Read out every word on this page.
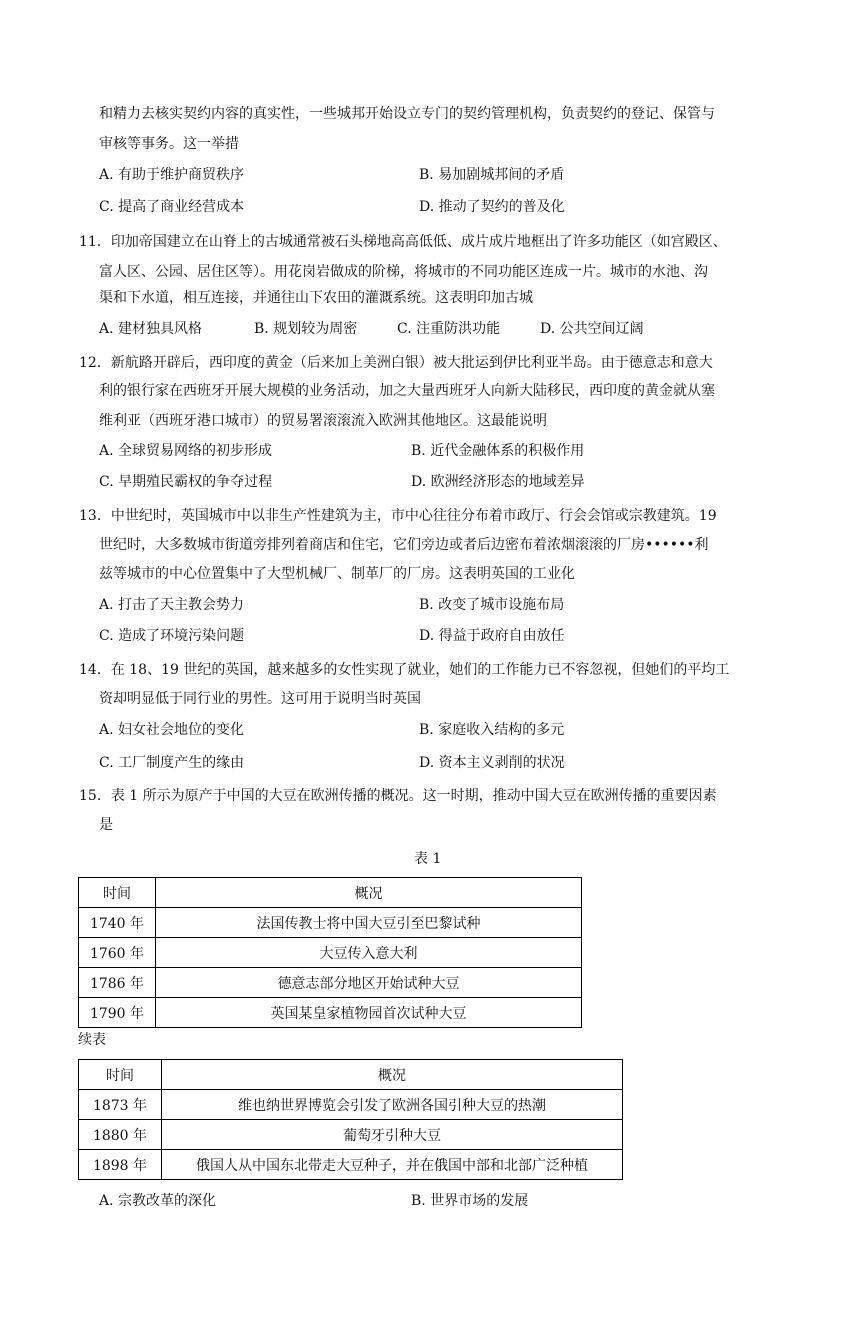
和精力去核实契约内容的真实性，一些城邦开始设立专门的契约管理机构，负责契约的登记、保管与
审核等事务。这一举措
A. 有助于维护商贸秩序	B. 易加剧城邦间的矛盾
C. 提高了商业经营成本	D. 推动了契约的普及化
11．印加帝国建立在山脊上的古城通常被石头梯地高高低低、成片成片地框出了许多功能区（如宫殿区、
富人区、公园、居住区等）。用花岗岩做成的阶梯，将城市的不同功能区连成一片。城市的水池、沟
渠和下水道，相互连接，并通往山下农田的灌溉系统。这表明印加古城
A. 建材独具风格	B. 规划较为周密	C. 注重防洪功能	D. 公共空间辽阔
12．新航路开辟后，西印度的黄金（后来加上美洲白银）被大批运到伊比利亚半岛。由于德意志和意大
利的银行家在西班牙开展大规模的业务活动，加之大量西班牙人向新大陆移民，西印度的黄金就从塞
维利亚（西班牙港口城市）的贸易署滚滚流入欧洲其他地区。这最能说明
A. 全球贸易网络的初步形成	B. 近代金融体系的积极作用
C. 早期殖民霸权的争夺过程	D. 欧洲经济形态的地域差异
13．中世纪时，英国城市中以非生产性建筑为主，市中心往往分布着市政厅、行会会馆或宗教建筑。19
世纪时，大多数城市街道旁排列着商店和住宅，它们旁边或者后边密布着浓烟滚滚的厂房••••••利
兹等城市的中心位置集中了大型机械厂、制革厂的厂房。这表明英国的工业化
A. 打击了天主教会势力	B. 改变了城市设施布局
C. 造成了环境污染问题	D. 得益于政府自由放任
14．在 18、19 世纪的英国，越来越多的女性实现了就业，她们的工作能力已不容忽视，但她们的平均工
资却明显低于同行业的男性。这可用于说明当时英国
A. 妇女社会地位的变化	B. 家庭收入结构的多元
C. 工厂制度产生的缘由	D. 资本主义剥削的状况
15．表 1 所示为原产于中国的大豆在欧洲传播的概况。这一时期，推动中国大豆在欧洲传播的重要因素
是
表 1
时间	概况
1740 年	法国传教士将中国大豆引至巴黎试种
1760 年	大豆传入意大利
1786 年	德意志部分地区开始试种大豆
1790 年	英国某皇家植物园首次试种大豆
续表
时间	概况
1873 年	维也纳世界博览会引发了欧洲各国引种大豆的热潮
1880 年	葡萄牙引种大豆
1898 年	俄国人从中国东北带走大豆种子，并在俄国中部和北部广泛种植
A. 宗教改革的深化	B. 世界市场的发展
